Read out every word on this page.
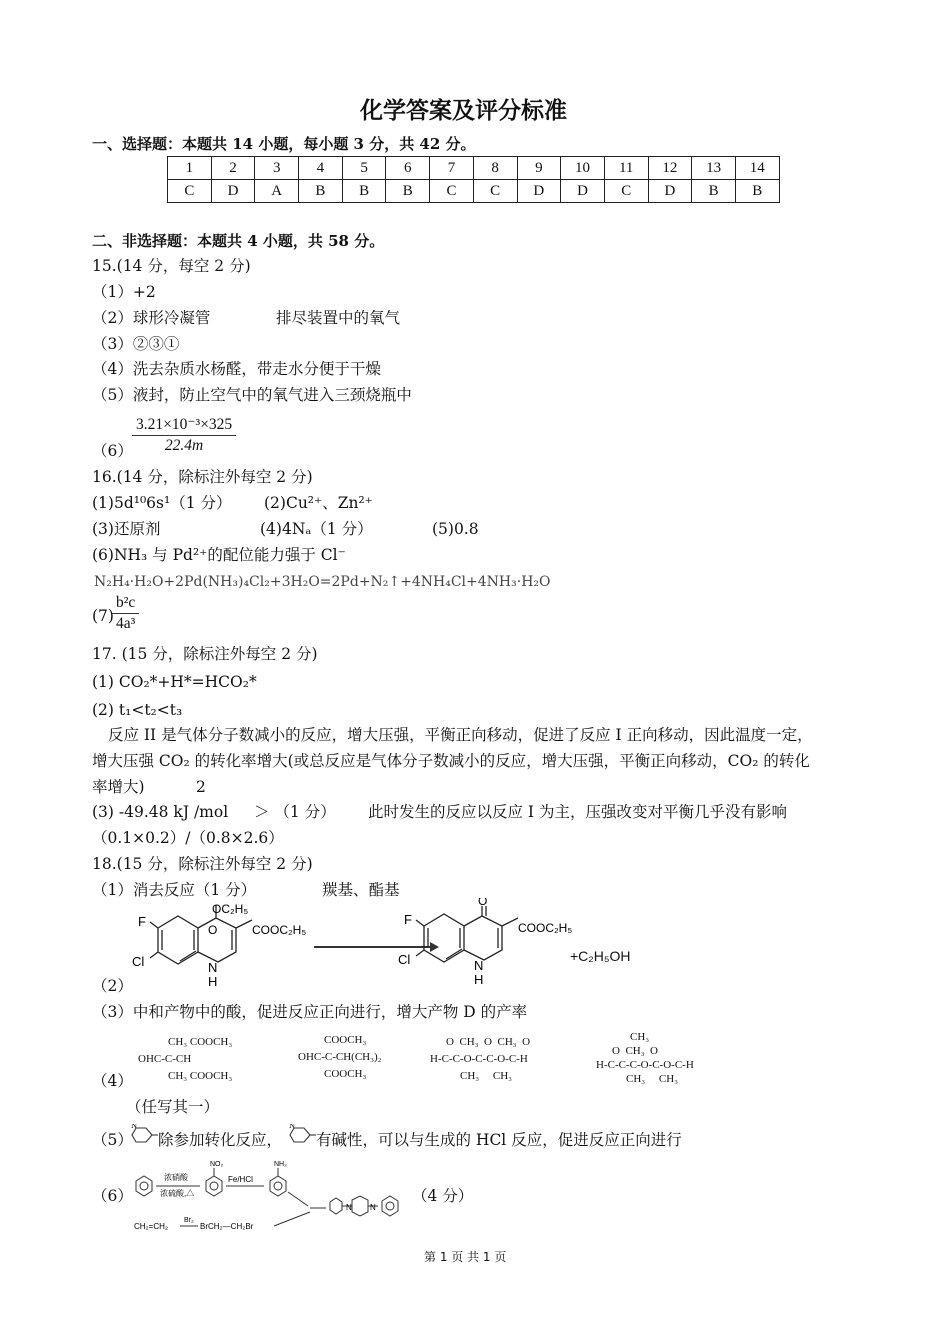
化学答案及评分标准
一、选择题：本题共 14 小题，每小题 3 分，共 42 分。
1	2	3	4	5	6	7	8	9	10	11	12	13	14
C	D	A	B	B	B	C	C	D	D	C	D	B	B
二、非选择题：本题共 4 小题，共 58 分。
15.(14 分，每空 2 分)
（1）+2
（2）球形冷凝管	排尽装置中的氧气
（3）②③①
（4）洗去杂质水杨醛，带走水分便于干燥
（5）液封，防止空气中的氧气进入三颈烧瓶中
$(6) \frac{\text{3.21×10⁻³×325}}{22.4m}$
16.(14 分，除标注外每空 2 分)
(1)5d¹⁰6s¹（1 分） (2)Cu²⁺、Zn²⁺
(3)还原剂	(4)4Nₐ（1 分）	(5)0.8
(6)NH₃ 与 Pd²⁺的配位能力强于 Cl⁻
N₂H₄·H₂O+2Pd(NH₃)₄Cl₂+3H₂O=2Pd+N₂↑+4NH₄Cl+4NH₃·H₂O
(7)
$\frac{\text{b²c}}{\text{4a³}}$
17. (15 分，除标注外每空 2 分)
(1) CO₂*+H*=HCO₂*
(2) t₁<t₂<t₃
反应 II 是气体分子数减小的反应，增大压强，平衡正向移动，促进了反应 I 正向移动，因此温度一定，
增大压强 CO₂ 的转化率增大(或总反应是气体分子数减小的反应，增大压强，平衡正向移动，CO₂ 的转化
率增大)	2
(3) -49.48 kJ /mol ＞ （1 分） 此时发生的反应以反应 I 为主，压强改变对平衡几乎没有影响
（0.1×0.2）/（0.8×2.6）
18.(15 分，除标注外每空 2 分)
（1）消去反应（1 分）	羰基、酯基
OC₂H₅
O	COOC₂H₅
F
Cl	N
H
O
COOC₂H₅
F
Cl	N
H
+C₂H₅OH
（2）
（3）中和产物中的酸，促进反应正向进行，增大产物 D 的产率
（4）
CH₃ COOCH₃
OHC-C-CH
CH₃ COOCH₃
COOCH₃
OHC-C-CH(CH₃)₂
COOCH₃
O  CH₃  O  CH₃  O
H-C-C-O-C-C-O-C-H
CH₃     CH₃
CH₃
O  CH₃  O
H-C-C-C-O-C-O-C-H
CH₃     CH₃
（任写其一）
（5）
N
除参加转化反应，
N
有碱性，可以与生成的 HCl 反应，促进反应正向进行
（6）
浓硝酸
浓硫酸,△
NO₂
Fe/HCl
NH₂
Br₂
CH₂=CH₂	BrCH₂—CH₂Br
N N
（4 分）
第 1 页 共 1 页
